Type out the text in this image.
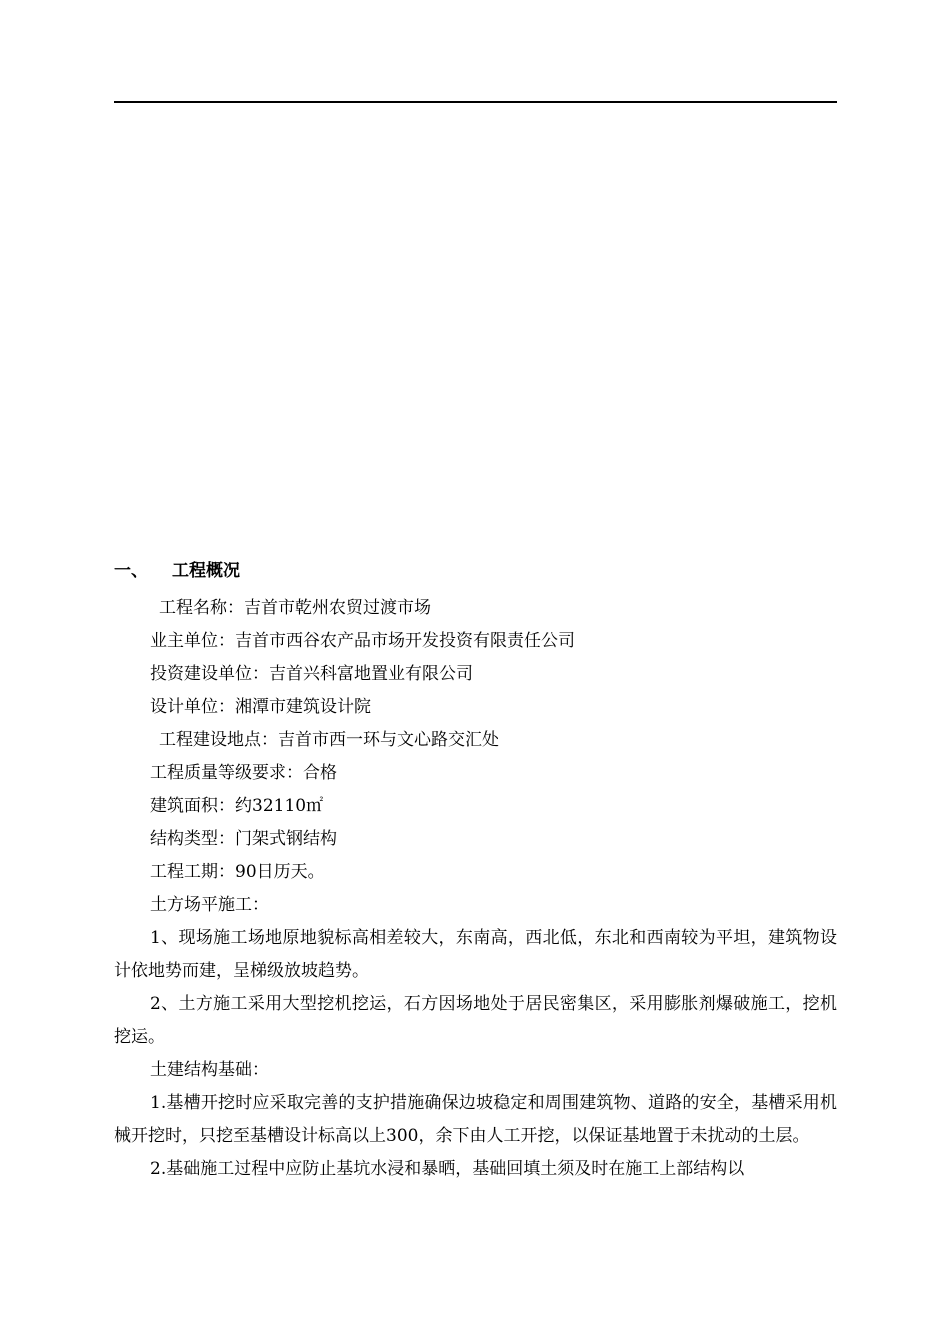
一、	工程概况
工程名称：吉首市乾州农贸过渡市场
业主单位：吉首市西谷农产品市场开发投资有限责任公司
投资建设单位：吉首兴科富地置业有限公司
设计单位：湘潭市建筑设计院
工程建设地点：吉首市西一环与文心路交汇处
工程质量等级要求：合格
建筑面积：约32110㎡
结构类型：门架式钢结构
工程工期：90日历天。
土方场平施工：
1、现场施工场地原地貌标高相差较大，东南高，西北低，东北和西南较为平坦，建筑物设计依地势而建，呈梯级放坡趋势。
2、土方施工采用大型挖机挖运，石方因场地处于居民密集区，采用膨胀剂爆破施工，挖机挖运。
土建结构基础：
1.基槽开挖时应采取完善的支护措施确保边坡稳定和周围建筑物、道路的安全，基槽采用机械开挖时，只挖至基槽设计标高以上300，余下由人工开挖，以保证基地置于未扰动的土层。
2.基础施工过程中应防止基坑水浸和暴晒，基础回填土须及时在施工上部结构以
